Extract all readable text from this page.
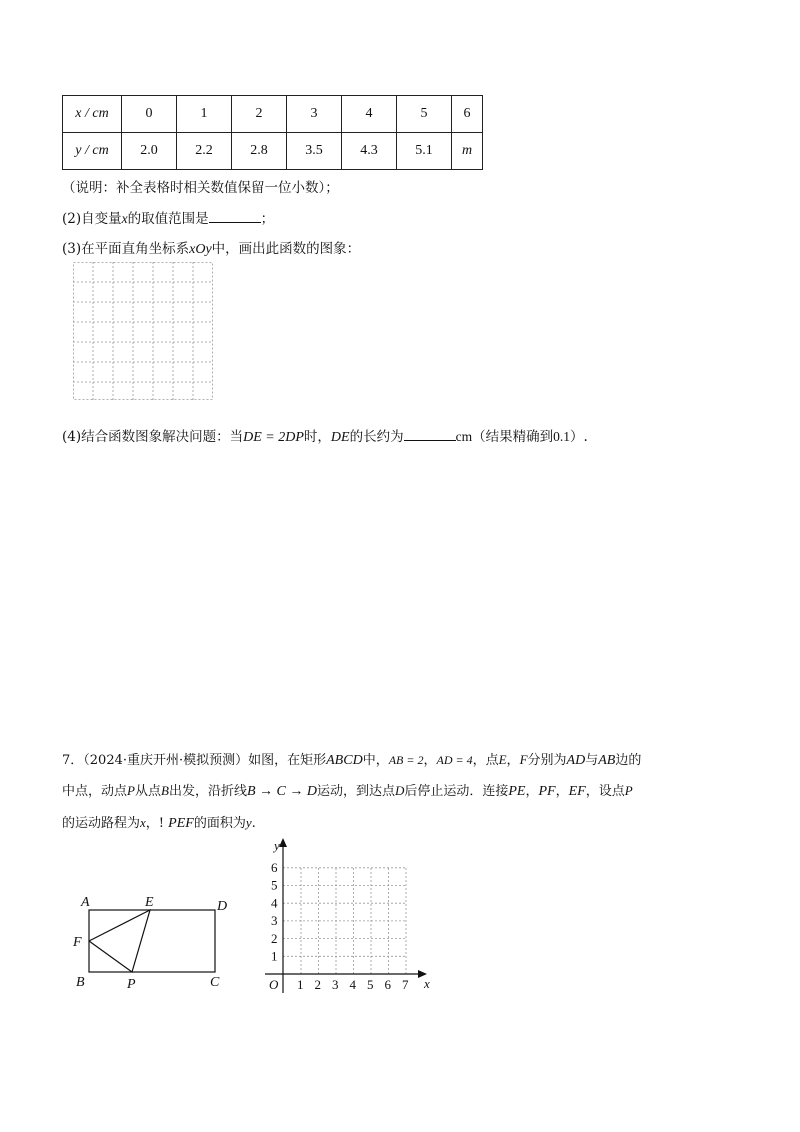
x / cm	0	1	2	3	4	5	6
y / cm	2.0	2.2	2.8	3.5	4.3	5.1	m
（说明：补全表格时相关数值保留一位小数）；
(2)自变量x的取值范围是	；
(3)在平面直角坐标系xOy中，画出此函数的图象：
(4)结合函数图象解决问题：当DE = 2DP时，DE的长约为	cm（结果精确到0.1）.
7．（2024·重庆开州·模拟预测）如图，在矩形ABCD中，AB = 2，AD = 4，点E，F分别为AD与AB边的
中点，动点P从点B出发，沿折线B → C → D运动，到达点D后停止运动．连接PE，PF，EF，设点P
的运动路程为x，! PEF的面积为y.
A	E	D
F
B	P	C
y
x
O 1 2 3 4 5 6 7
1
2
3
4
5
6
